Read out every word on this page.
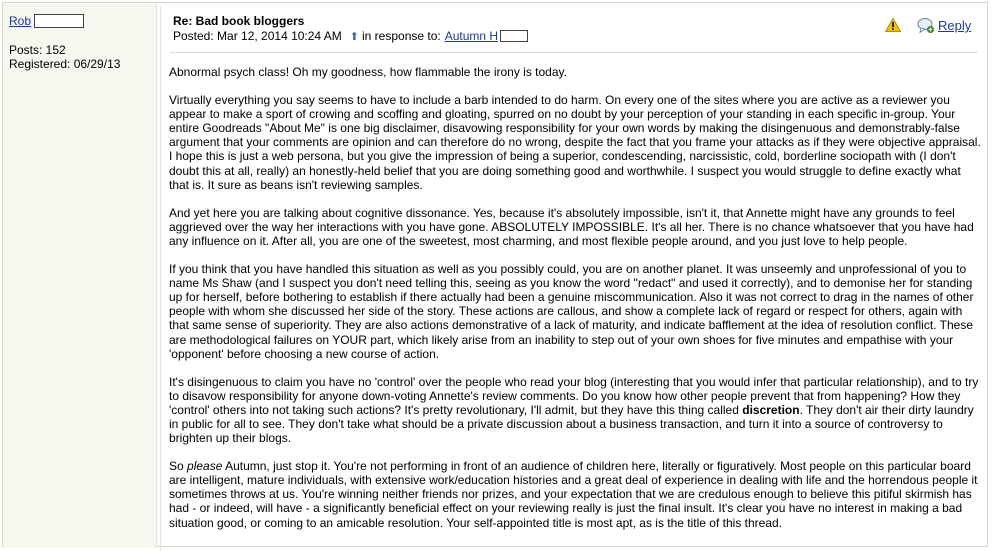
Rob
Posts: 152
Registered: 06/29/13
Re: Bad book bloggers
Posted: Mar 12, 2014 10:24 AM ⬆ in response to: Autumn H
Reply

Abnormal psych class! Oh my goodness, how flammable the irony is today.

Virtually everything you say seems to have to include a barb intended to do harm. On every one of the sites where you are active as a reviewer you appear to make a sport of crowing and scoffing and gloating, spurred on no doubt by your perception of your standing in each specific in-group. Your entire Goodreads "About Me" is one big disclaimer, disavowing responsibility for your own words by making the disingenuous and demonstrably-false argument that your comments are opinion and can therefore do no wrong, despite the fact that you frame your attacks as if they were objective appraisal. I hope this is just a web persona, but you give the impression of being a superior, condescending, narcissistic, cold, borderline sociopath with (I don't doubt this at all, really) an honestly-held belief that you are doing something good and worthwhile. I suspect you would struggle to define exactly what that is. It sure as beans isn't reviewing samples.

And yet here you are talking about cognitive dissonance. Yes, because it's absolutely impossible, isn't it, that Annette might have any grounds to feel aggrieved over the way her interactions with you have gone. ABSOLUTELY IMPOSSIBLE. It's all her. There is no chance whatsoever that you have had any influence on it. After all, you are one of the sweetest, most charming, and most flexible people around, and you just love to help people.

If you think that you have handled this situation as well as you possibly could, you are on another planet. It was unseemly and unprofessional of you to name Ms Shaw (and I suspect you don't need telling this, seeing as you know the word "redact" and used it correctly), and to demonise her for standing up for herself, before bothering to establish if there actually had been a genuine miscommunication. Also it was not correct to drag in the names of other people with whom she discussed her side of the story. These actions are callous, and show a complete lack of regard or respect for others, again with that same sense of superiority. They are also actions demonstrative of a lack of maturity, and indicate bafflement at the idea of resolution conflict. These are methodological failures on YOUR part, which likely arise from an inability to step out of your own shoes for five minutes and empathise with your 'opponent' before choosing a new course of action.

It's disingenuous to claim you have no 'control' over the people who read your blog (interesting that you would infer that particular relationship), and to try to disavow responsibility for anyone down-voting Annette's review comments. Do you know how other people prevent that from happening? How they 'control' others into not taking such actions? It's pretty revolutionary, I'll admit, but they have this thing called discretion. They don't air their dirty laundry in public for all to see. They don't take what should be a private discussion about a business transaction, and turn it into a source of controversy to brighten up their blogs.

So please Autumn, just stop it. You're not performing in front of an audience of children here, literally or figuratively. Most people on this particular board are intelligent, mature individuals, with extensive work/education histories and a great deal of experience in dealing with life and the horrendous people it sometimes throws at us. You're winning neither friends nor prizes, and your expectation that we are credulous enough to believe this pitiful skirmish has had - or indeed, will have - a significantly beneficial effect on your reviewing really is just the final insult. It's clear you have no interest in making a bad situation good, or coming to an amicable resolution. Your self-appointed title is most apt, as is the title of this thread.
